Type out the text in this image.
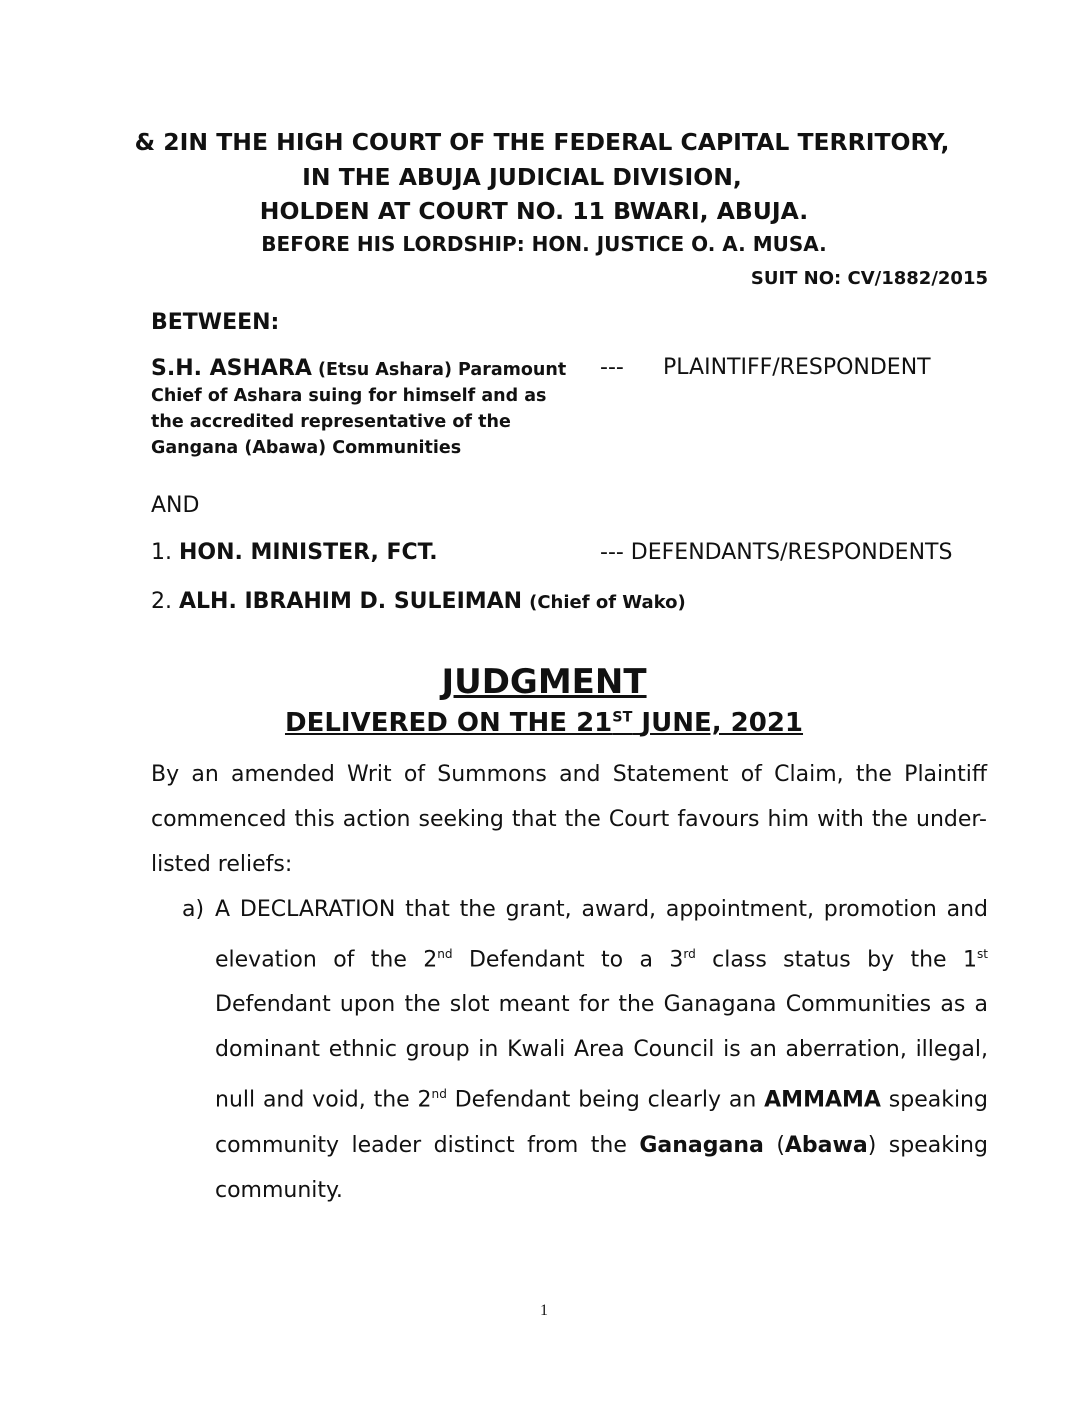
& 2IN THE HIGH COURT OF THE FEDERAL CAPITAL TERRITORY,
IN THE ABUJA JUDICIAL DIVISION,
HOLDEN AT COURT NO. 11 BWARI, ABUJA.
BEFORE HIS LORDSHIP: HON. JUSTICE O. A. MUSA.
SUIT NO: CV/1882/2015
BETWEEN:
S.H. ASHARA (Etsu Ashara) Paramount
Chief of Ashara suing for himself and as
the accredited representative of the
Gangana (Abawa) Communities
--- PLAINTIFF/RESPONDENT
AND
1. HON. MINISTER, FCT.	--- DEFENDANTS/RESPONDENTS
2. ALH. IBRAHIM D. SULEIMAN (Chief of Wako)
JUDGMENT
DELIVERED ON THE 21ST JUNE, 2021
By an amended Writ of Summons and Statement of Claim, the Plaintiff
commenced this action seeking that the Court favours him with the under-
listed reliefs:
a) A DECLARATION that the grant, award, appointment, promotion and
elevation of the 2nd Defendant to a 3rd class status by the 1st
Defendant upon the slot meant for the Ganagana Communities as a
dominant ethnic group in Kwali Area Council is an aberration, illegal,
null and void, the 2nd Defendant being clearly an AMMAMA speaking
community leader distinct from the Ganagana (Abawa) speaking
community.
1
